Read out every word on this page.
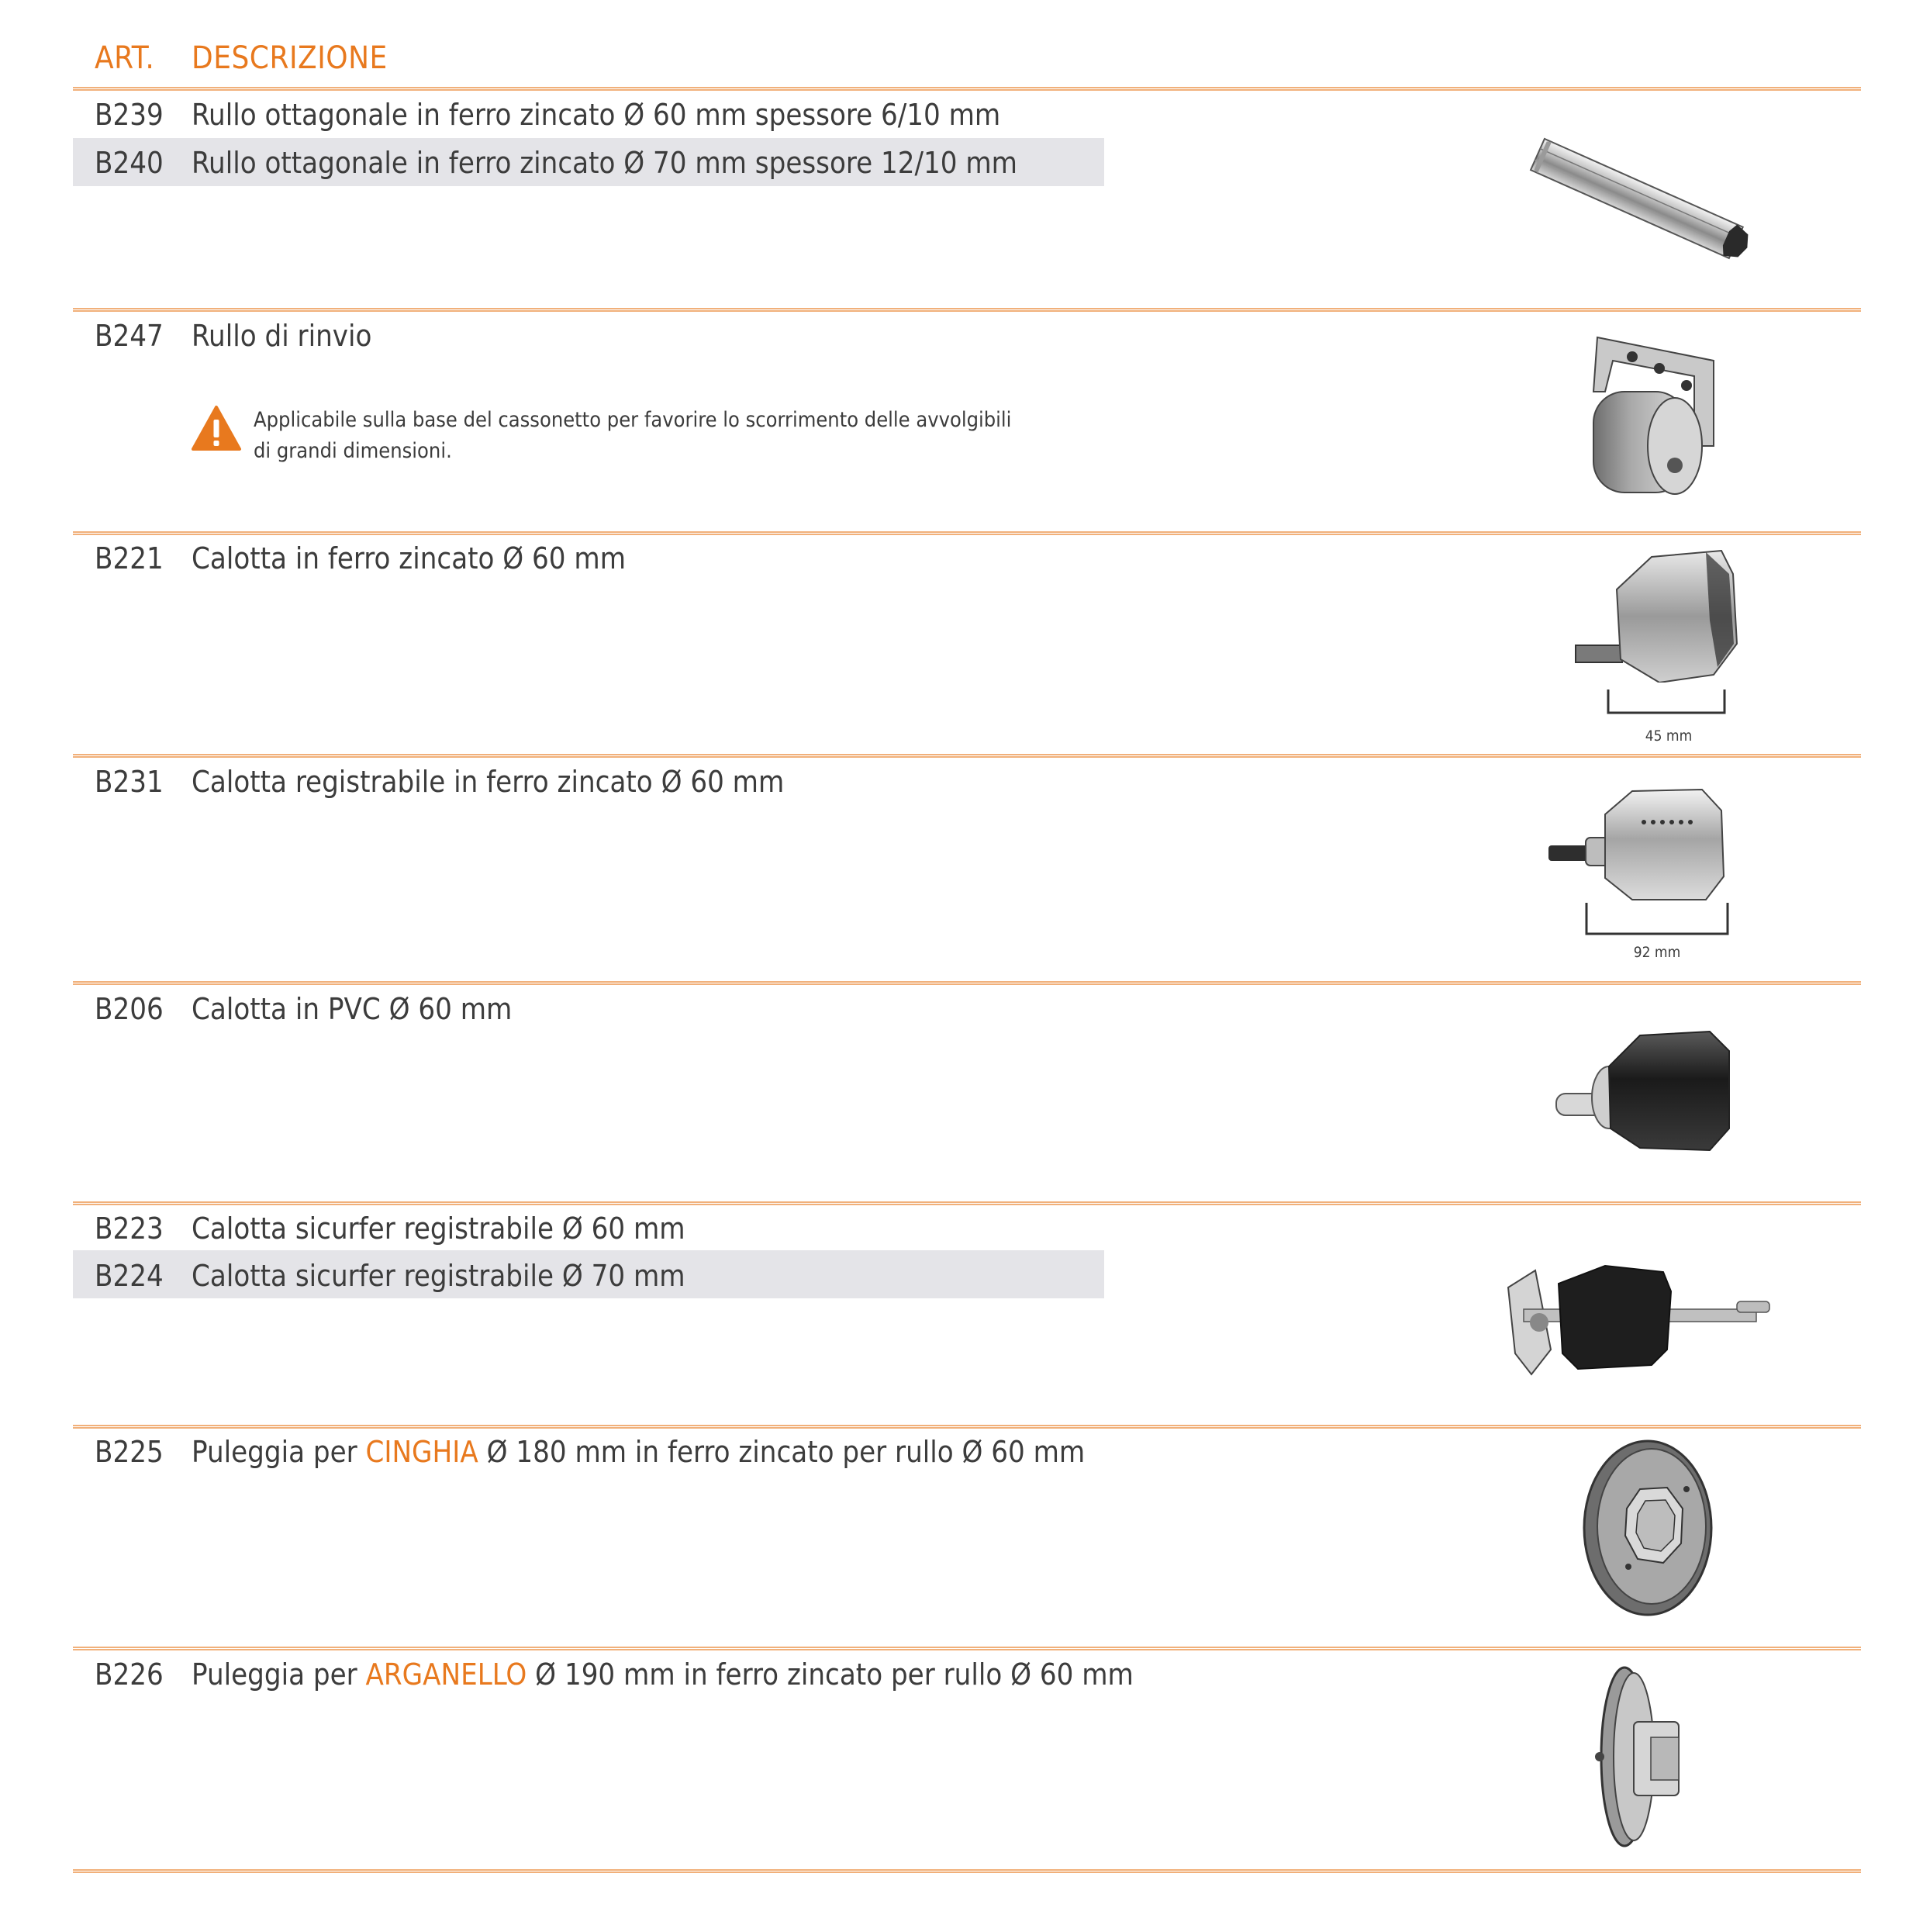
ART. DESCRIZIONE
B239 Rullo ottagonale in ferro zincato Ø 60 mm spessore 6/10 mm
B240 Rullo ottagonale in ferro zincato Ø 70 mm spessore 12/10 mm
B247 Rullo di rinvio
Applicabile sulla base del cassonetto per favorire lo scorrimento delle avvolgibili
di grandi dimensioni.
B221 Calotta in ferro zincato Ø 60 mm
B231 Calotta registrabile in ferro zincato Ø 60 mm
B206 Calotta in PVC Ø 60 mm
B223 Calotta sicurfer registrabile Ø 60 mm
B224 Calotta sicurfer registrabile Ø 70 mm
B225 Puleggia per CINGHIA Ø 180 mm in ferro zincato per rullo Ø 60 mm
B226 Puleggia per ARGANELLO Ø 190 mm in ferro zincato per rullo Ø 60 mm
45 mm
92 mm
